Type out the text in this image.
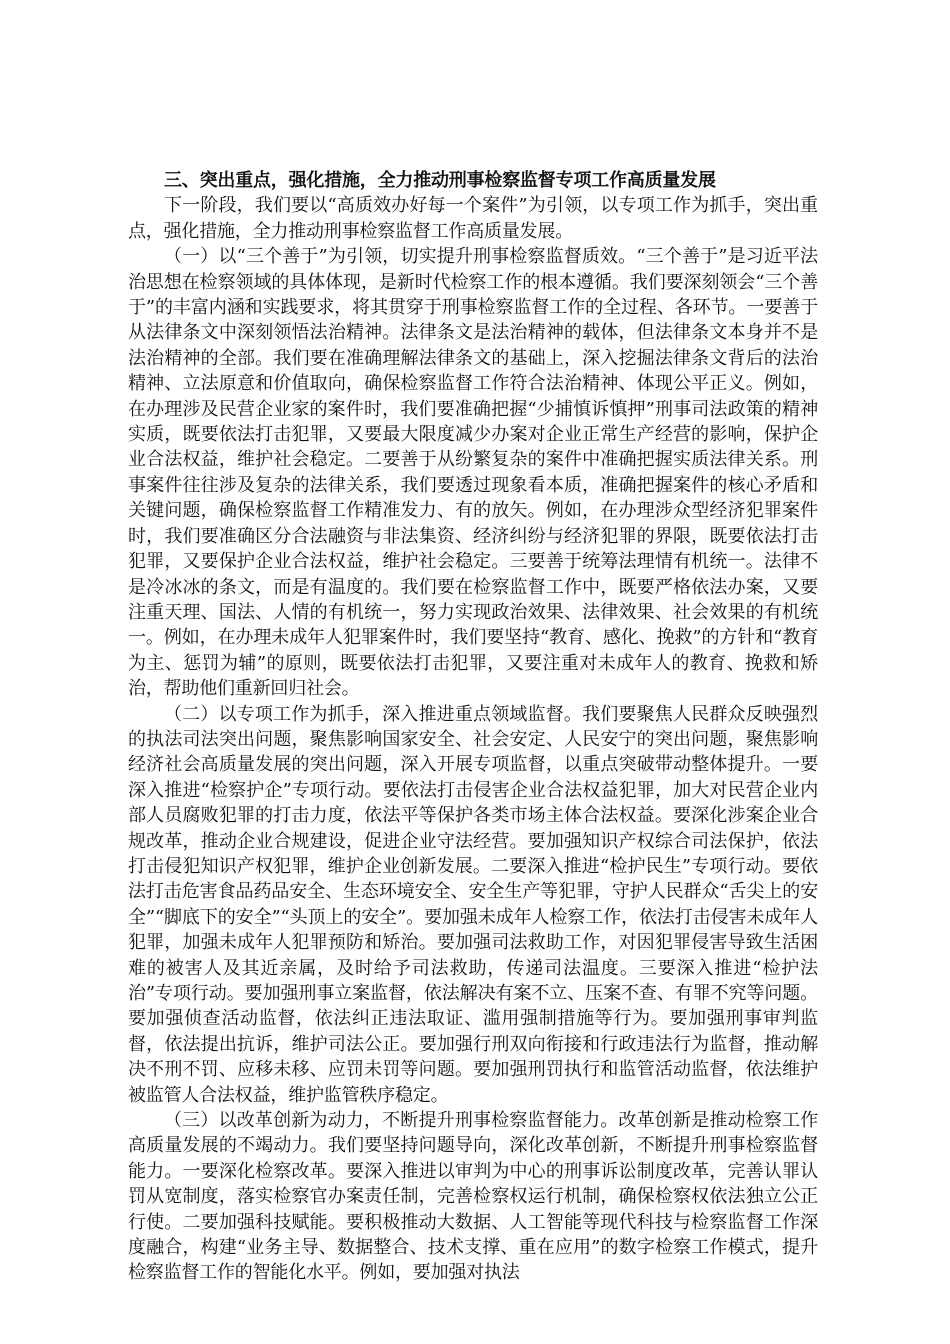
三、突出重点，强化措施，全力推动刑事检察监督专项工作高质量发展

下一阶段，我们要以“高质效办好每一个案件”为引领，以专项工作为抓手，突出重点，强化措施，全力推动刑事检察监督工作高质量发展。

（一）以“三个善于”为引领，切实提升刑事检察监督质效。“三个善于”是习近平法治思想在检察领域的具体体现，是新时代检察工作的根本遵循。我们要深刻领会“三个善于”的丰富内涵和实践要求，将其贯穿于刑事检察监督工作的全过程、各环节。一要善于从法律条文中深刻领悟法治精神。法律条文是法治精神的载体，但法律条文本身并不是法治精神的全部。我们要在准确理解法律条文的基础上，深入挖掘法律条文背后的法治精神、立法原意和价值取向，确保检察监督工作符合法治精神、体现公平正义。例如，在办理涉及民营企业家的案件时，我们要准确把握“少捕慎诉慎押”刑事司法政策的精神实质，既要依法打击犯罪，又要最大限度减少办案对企业正常生产经营的影响，保护企业合法权益，维护社会稳定。二要善于从纷繁复杂的案件中准确把握实质法律关系。刑事案件往往涉及复杂的法律关系，我们要透过现象看本质，准确把握案件的核心矛盾和关键问题，确保检察监督工作精准发力、有的放矢。例如，在办理涉众型经济犯罪案件时，我们要准确区分合法融资与非法集资、经济纠纷与经济犯罪的界限，既要依法打击犯罪，又要保护企业合法权益，维护社会稳定。三要善于统筹法理情有机统一。法律不是冷冰冰的条文，而是有温度的。我们要在检察监督工作中，既要严格依法办案，又要注重天理、国法、人情的有机统一，努力实现政治效果、法律效果、社会效果的有机统一。例如，在办理未成年人犯罪案件时，我们要坚持“教育、感化、挽救”的方针和“教育为主、惩罚为辅”的原则，既要依法打击犯罪，又要注重对未成年人的教育、挽救和矫治，帮助他们重新回归社会。

（二）以专项工作为抓手，深入推进重点领域监督。我们要聚焦人民群众反映强烈的执法司法突出问题，聚焦影响国家安全、社会安定、人民安宁的突出问题，聚焦影响经济社会高质量发展的突出问题，深入开展专项监督，以重点突破带动整体提升。一要深入推进“检察护企”专项行动。要依法打击侵害企业合法权益犯罪，加大对民营企业内部人员腐败犯罪的打击力度，依法平等保护各类市场主体合法权益。要深化涉案企业合规改革，推动企业合规建设，促进企业守法经营。要加强知识产权综合司法保护，依法打击侵犯知识产权犯罪，维护企业创新发展。二要深入推进“检护民生”专项行动。要依法打击危害食品药品安全、生态环境安全、安全生产等犯罪，守护人民群众“舌尖上的安全”“脚底下的安全”“头顶上的安全”。要加强未成年人检察工作，依法打击侵害未成年人犯罪，加强未成年人犯罪预防和矫治。要加强司法救助工作，对因犯罪侵害导致生活困难的被害人及其近亲属，及时给予司法救助，传递司法温度。三要深入推进“检护法治”专项行动。要加强刑事立案监督，依法解决有案不立、压案不查、有罪不究等问题。要加强侦查活动监督，依法纠正违法取证、滥用强制措施等行为。要加强刑事审判监督，依法提出抗诉，维护司法公正。要加强行刑双向衔接和行政违法行为监督，推动解决不刑不罚、应移未移、应罚未罚等问题。要加强刑罚执行和监管活动监督，依法维护被监管人合法权益，维护监管秩序稳定。

（三）以改革创新为动力，不断提升刑事检察监督能力。改革创新是推动检察工作高质量发展的不竭动力。我们要坚持问题导向，深化改革创新，不断提升刑事检察监督能力。一要深化检察改革。要深入推进以审判为中心的刑事诉讼制度改革，完善认罪认罚从宽制度，落实检察官办案责任制，完善检察权运行机制，确保检察权依法独立公正行使。二要加强科技赋能。要积极推动大数据、人工智能等现代科技与检察监督工作深度融合，构建“业务主导、数据整合、技术支撑、重在应用”的数字检察工作模式，提升检察监督工作的智能化水平。例如，要加强对执法
